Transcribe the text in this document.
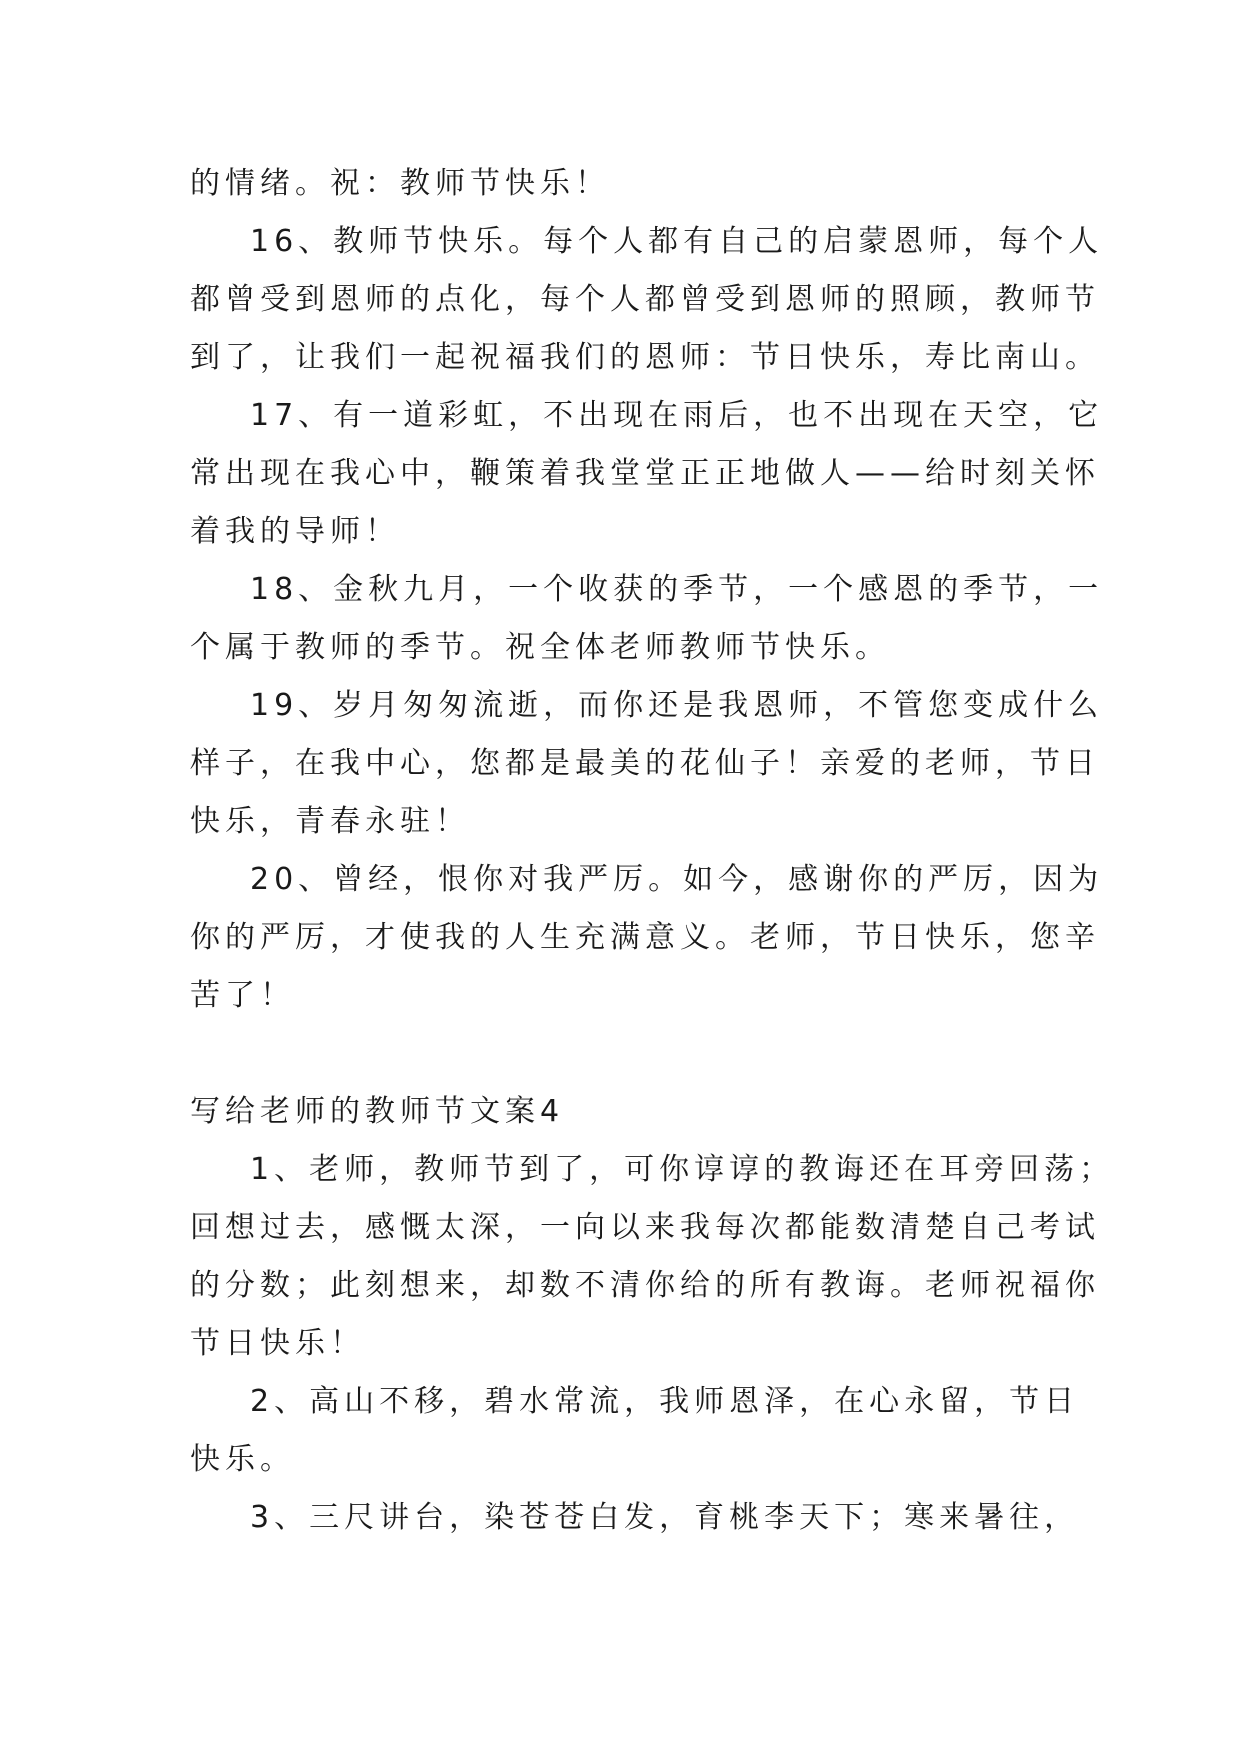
的情绪。祝：教师节快乐！
16、教师节快乐。每个人都有自己的启蒙恩师，每个人
都曾受到恩师的点化，每个人都曾受到恩师的照顾，教师节
到了，让我们一起祝福我们的恩师：节日快乐，寿比南山。
17、有一道彩虹，不出现在雨后，也不出现在天空，它
常出现在我心中，鞭策着我堂堂正正地做人——给时刻关怀
着我的导师！
18、金秋九月，一个收获的季节，一个感恩的季节，一
个属于教师的季节。祝全体老师教师节快乐。
19、岁月匆匆流逝，而你还是我恩师，不管您变成什么
样子，在我中心，您都是最美的花仙子！亲爱的老师，节日
快乐，青春永驻！
20、曾经，恨你对我严厉。如今，感谢你的严厉，因为
你的严厉，才使我的人生充满意义。老师，节日快乐，您辛
苦了！
写给老师的教师节文案4
1、老师，教师节到了，可你谆谆的教诲还在耳旁回荡；
回想过去，感慨太深，一向以来我每次都能数清楚自己考试
的分数；此刻想来，却数不清你给的所有教诲。老师祝福你
节日快乐！
2、高山不移，碧水常流，我师恩泽，在心永留，节日
快乐。
3、三尺讲台，染苍苍白发，育桃李天下；寒来暑往，
